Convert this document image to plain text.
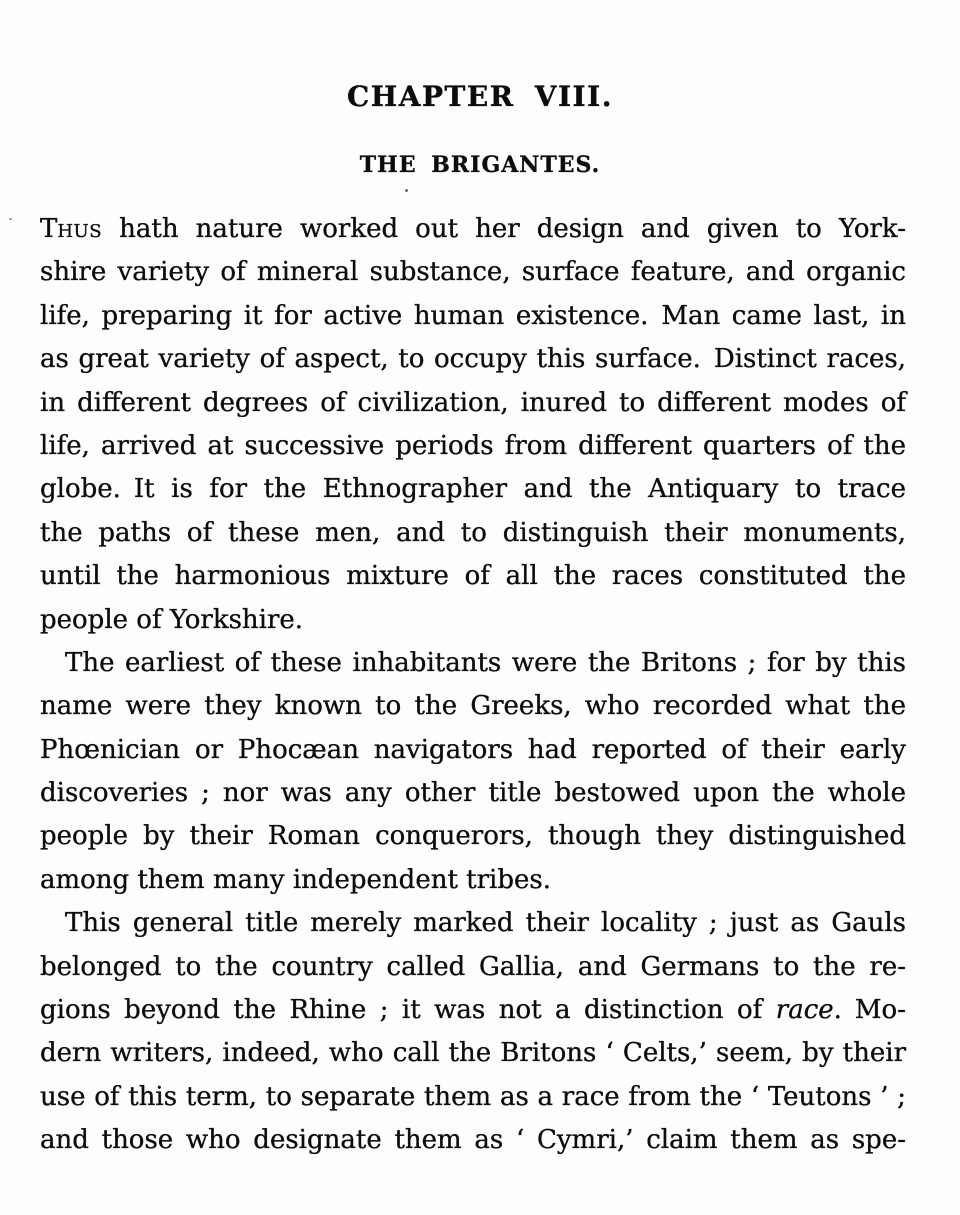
CHAPTER VIII.
THE BRIGANTES.
Thus hath nature worked out her design and given to York-
shire variety of mineral substance, surface feature, and organic
life, preparing it for active human existence. Man came last, in
as great variety of aspect, to occupy this surface. Distinct races,
in different degrees of civilization, inured to different modes of
life, arrived at successive periods from different quarters of the
globe. It is for the Ethnographer and the Antiquary to trace
the paths of these men, and to distinguish their monuments,
until the harmonious mixture of all the races constituted the
people of Yorkshire.
The earliest of these inhabitants were the Britons ; for by this
name were they known to the Greeks, who recorded what the
Phœnician or Phocæan navigators had reported of their early
discoveries ; nor was any other title bestowed upon the whole
people by their Roman conquerors, though they distinguished
among them many independent tribes.
This general title merely marked their locality ; just as Gauls
belonged to the country called Gallia, and Germans to the re-
gions beyond the Rhine ; it was not a distinction of race. Mo-
dern writers, indeed, who call the Britons ‘ Celts,’ seem, by their
use of this term, to separate them as a race from the ‘ Teutons ’ ;
and those who designate them as ‘ Cymri,’ claim them as spe-
